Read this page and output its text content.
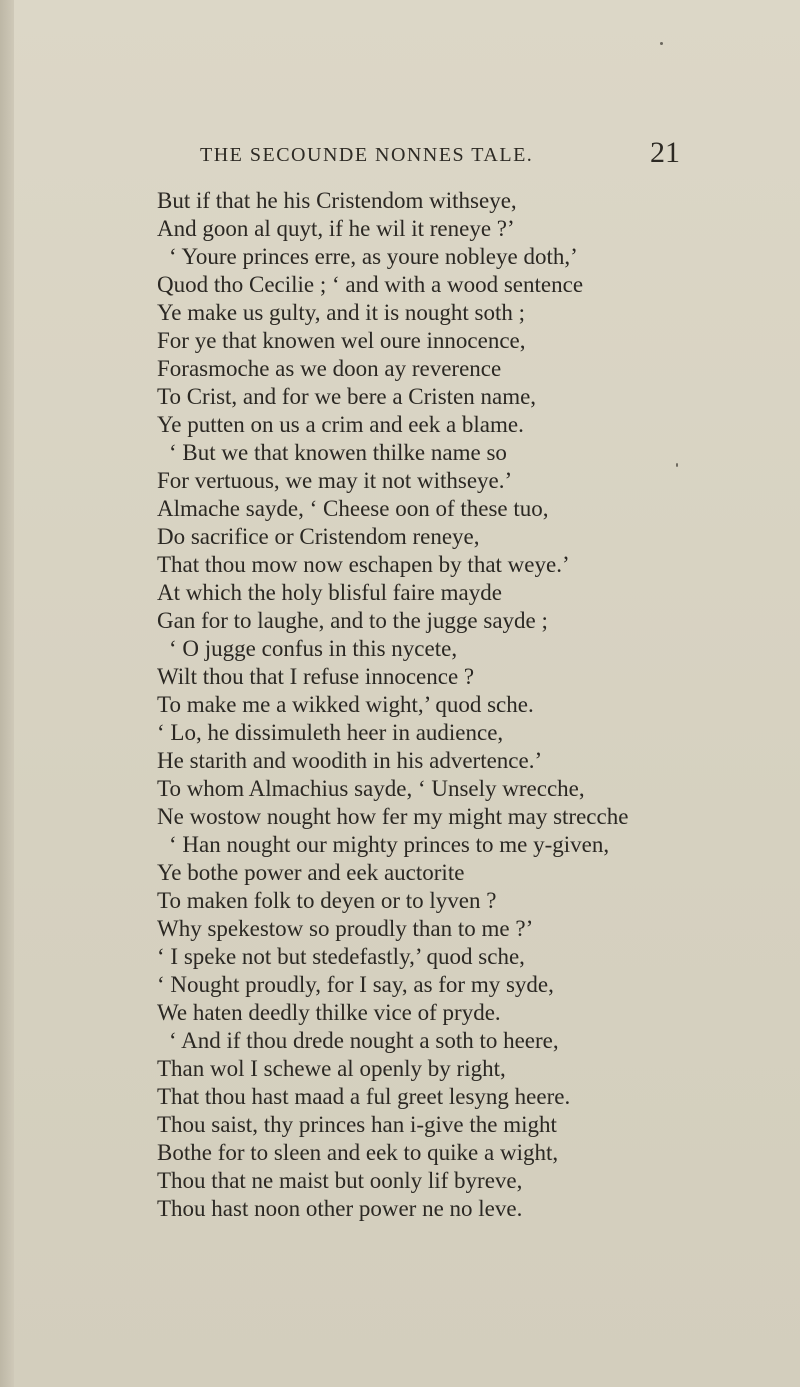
THE SECOUNDE NONNES TALE.	21
But if that he his Cristendom withseye,
And goon al quyt, if he wil it reneye ?’
‘ Youre princes erre, as youre nobleye doth,’
Quod tho Cecilie ; ‘ and with a wood sentence
Ye make us gulty, and it is nought soth ;
For ye that knowen wel oure innocence,
Forasmoche as we doon ay reverence
To Crist, and for we bere a Cristen name,
Ye putten on us a crim and eek a blame.
‘ But we that knowen thilke name so
For vertuous, we may it not withseye.’
Almache sayde, ‘ Cheese oon of these tuo,
Do sacrifice or Cristendom reneye,
That thou mow now eschapen by that weye.’
At which the holy blisful faire mayde
Gan for to laughe, and to the jugge sayde ;
‘ O jugge confus in this nycete,
Wilt thou that I refuse innocence ?
To make me a wikked wight,’ quod sche.
‘ Lo, he dissimuleth heer in audience,
He starith and woodith in his advertence.’
To whom Almachius sayde, ‘ Unsely wrecche,
Ne wostow nought how fer my might may strecche
‘ Han nought our mighty princes to me y-given,
Ye bothe power and eek auctorite
To maken folk to deyen or to lyven ?
Why spekestow so proudly than to me ?’
‘ I speke not but stedefastly,’ quod sche,
‘ Nought proudly, for I say, as for my syde,
We haten deedly thilke vice of pryde.
‘ And if thou drede nought a soth to heere,
Than wol I schewe al openly by right,
That thou hast maad a ful greet lesyng heere.
Thou saist, thy princes han i-give the might
Bothe for to sleen and eek to quike a wight,
Thou that ne maist but oonly lif byreve,
Thou hast noon other power ne no leve.
